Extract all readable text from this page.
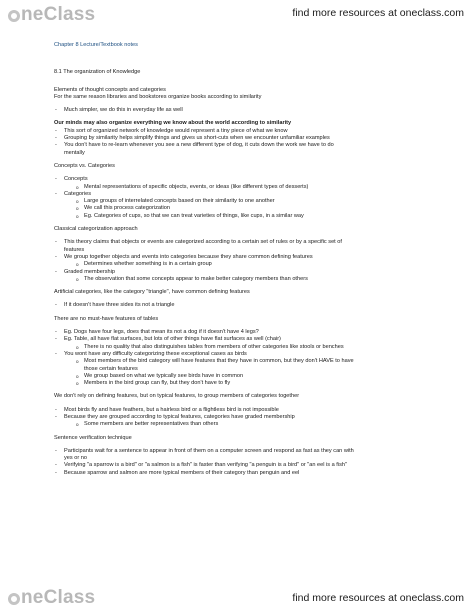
neClass	find more resources at oneclass.com
Chapter 8 Lecture/Textbook notes
8.1 The organization of Knowledge
Elements of thought concepts and categories
For the same reason libraries and bookstores organize books according to similarity
- Much simpler, we do this in everyday life as well
Our minds may also organize everything we know about the world according to similarity
- This sort of organized network of knowledge would represent a tiny piece of what we know
- Grouping by similarity helps simplify things and gives us short-cuts when we encounter unfamiliar examples
- You don't have to re-learn whenever you see a new different type of dog, it cuts down the work we have to do
mentally
Concepts vs. Categories
- Concepts
o Mental representations of specific objects, events, or ideas (like different types of desserts)
- Categories
o Large groups of interrelated concepts based on their similarity to one another
o We call this process categorization
o Eg. Categories of cups, so that we can treat varieties of things, like cups, in a similar way
Classical categorization approach
- This theory claims that objects or events are categorized according to a certain set of rules or by a specific set of
features
- We group together objects and events into categories because they share common defining features
o Determines whether something is in a certain group
- Graded membership
o The observation that some concepts appear to make better category members than others
Artificial categories, like the category "triangle", have common defining features
- If it doesn't have three sides its not a triangle
There are no must-have features of tables
- Eg. Dogs have four legs, does that mean its not a dog if it doesn't have 4 legs?
- Eg. Table, all have flat surfaces, but lots of other things have flat surfaces as well (chair)
o There is no quality that also distinguishes tables from members of other categories like stools or benches
- You wont have any difficulty categorizing these exceptional cases as birds
o Most members of the bird category will have features that they have in common, but they don't HAVE to have
those certain features
o We group based on what we typically see birds have in common
o Members in the bird group can fly, but they don't have to fly
We don't rely on defining features, but on typical features, to group members of categories together
- Most birds fly and have feathers, but a hairless bird or a flightless bird is not impossible
- Because they are grouped according to typical features, categories have graded membership
o Some members are better representatives than others
Sentence verification technique
- Participants wait for a sentence to appear in front of them on a computer screen and respond as fast as they can with
yes or no
- Verifying "a sparrow is a bird" or "a salmon is a fish" is faster than verifying "a penguin is a bird" or "an eel is a fish"
- Because sparrow and salmon are more typical members of their category than penguin and eel
neClass	find more resources at oneclass.com
